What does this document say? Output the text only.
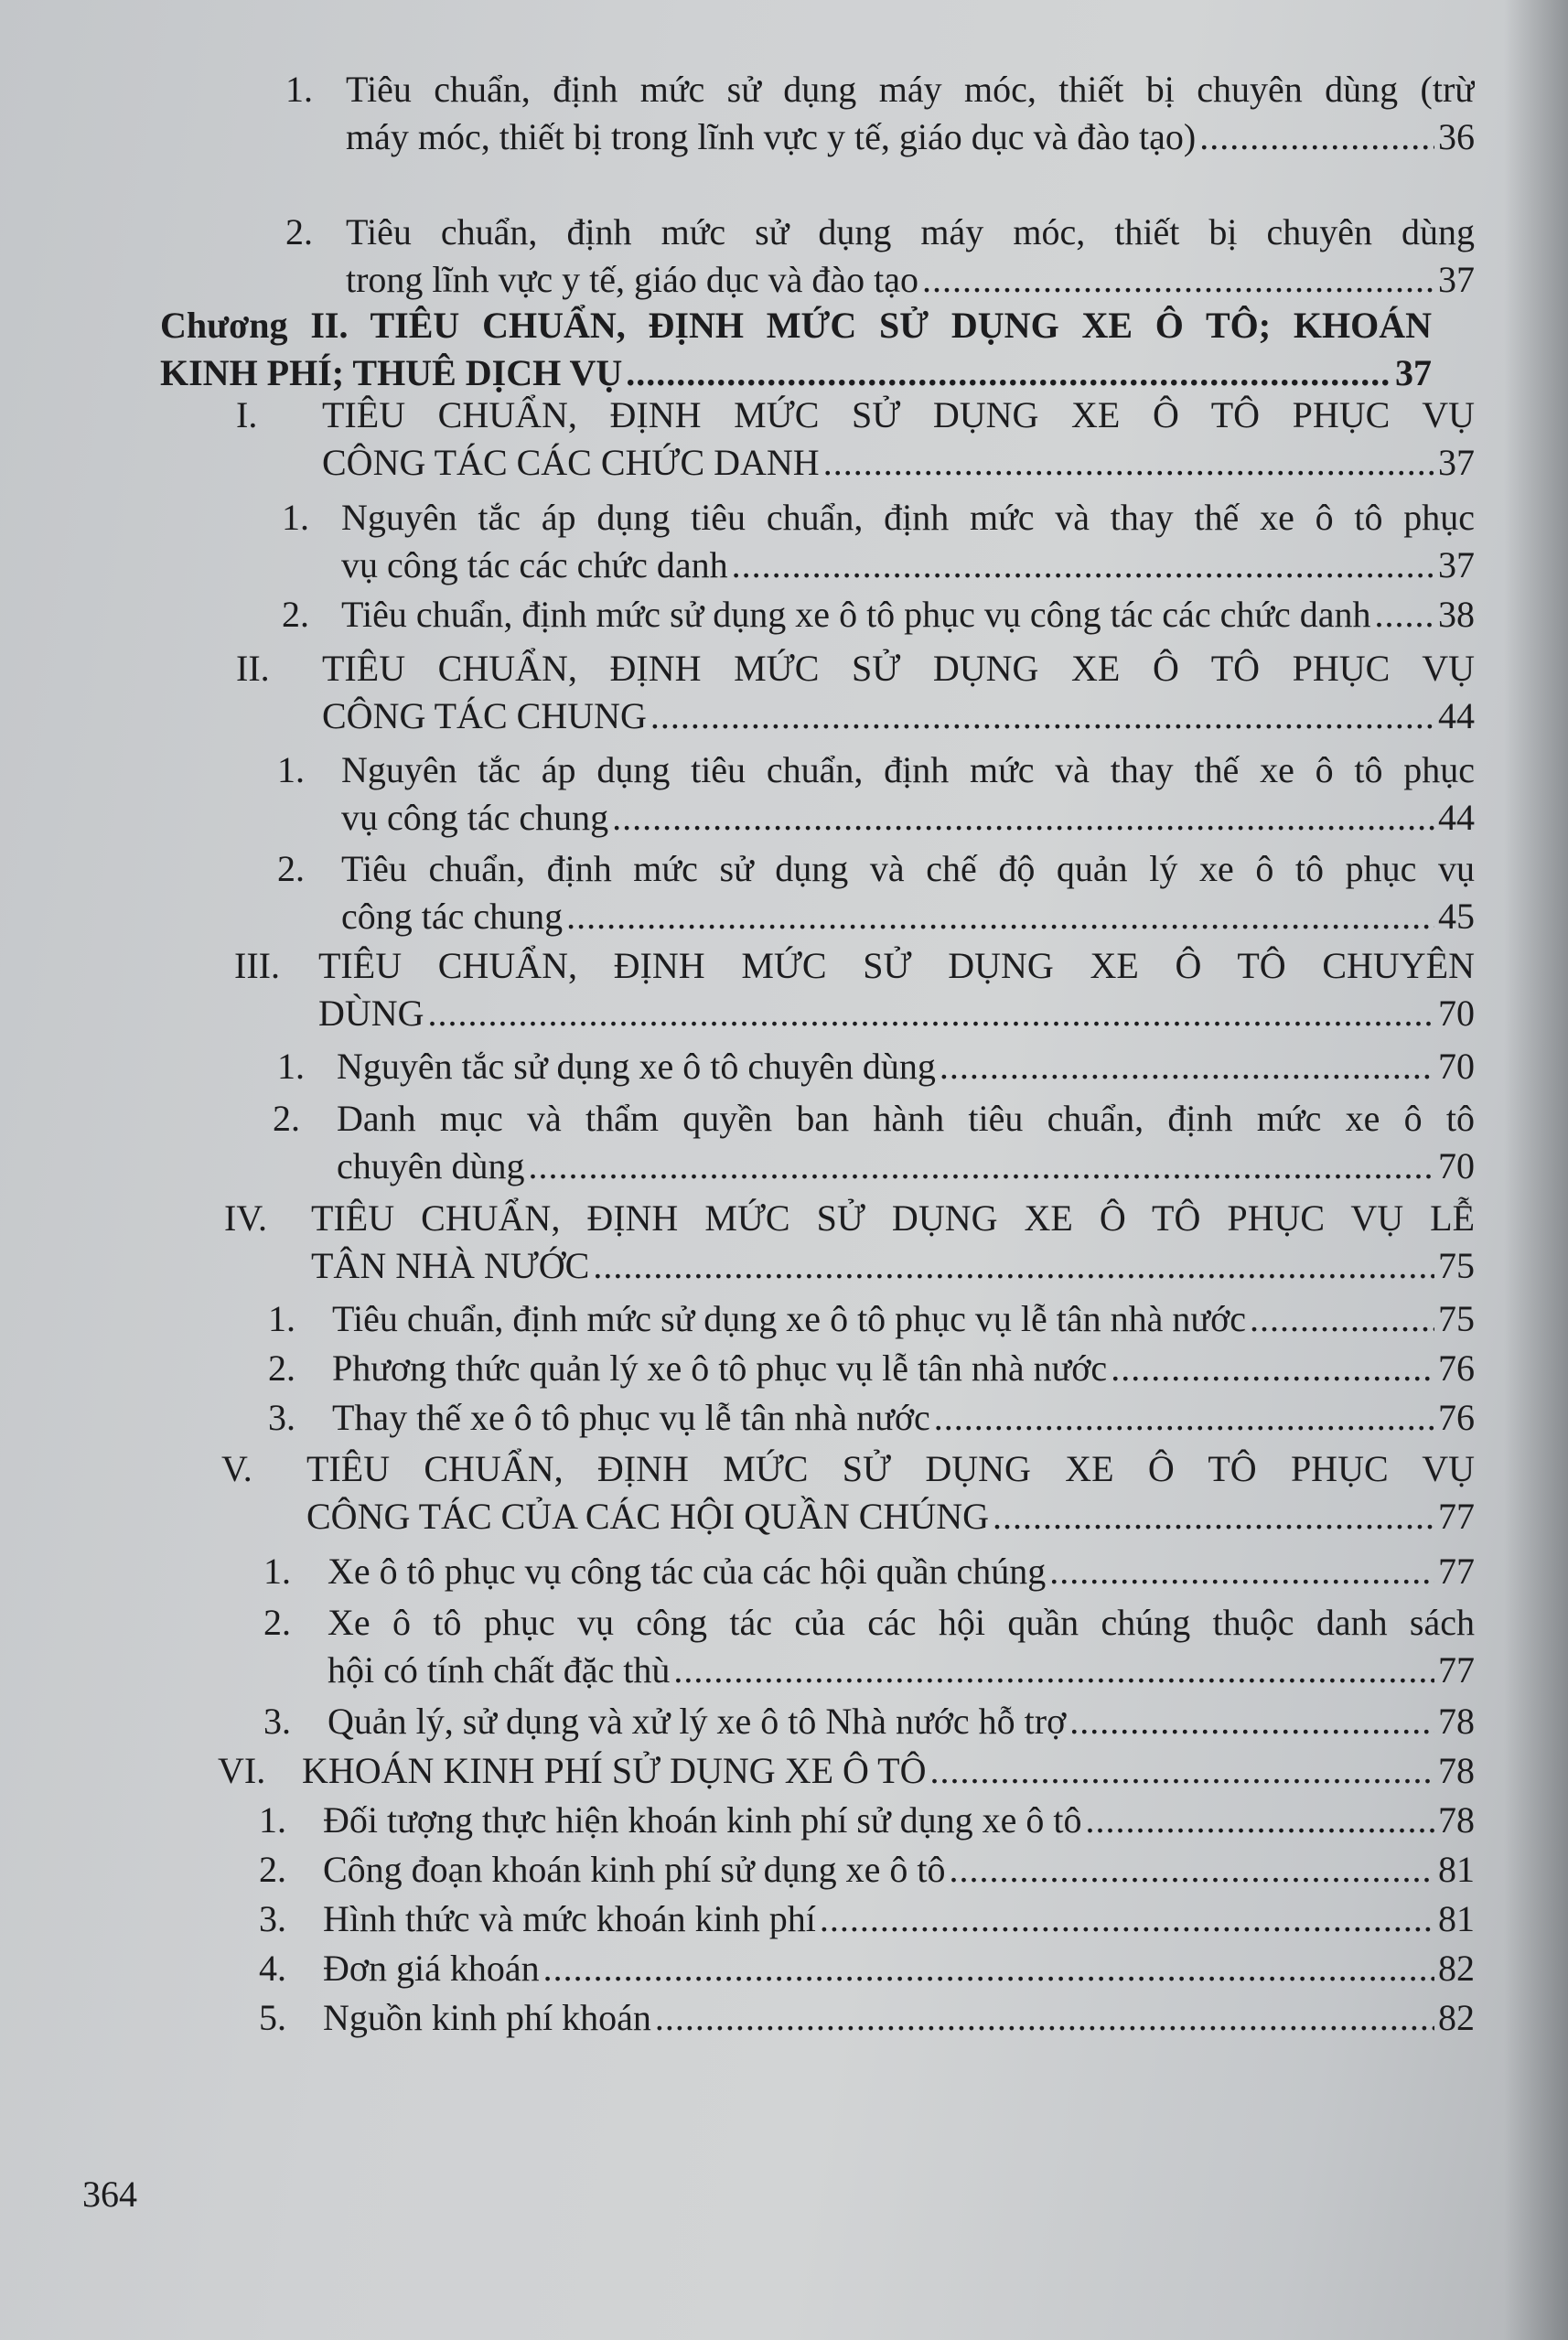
1. Tiêu chuẩn, định mức sử dụng máy móc, thiết bị chuyên dùng (trừ
máy móc, thiết bị trong lĩnh vực y tế, giáo dục và đào tạo) .....	36
2. Tiêu chuẩn, định mức sử dụng máy móc, thiết bị chuyên dùng
trong lĩnh vực y tế, giáo dục và đào tạo .....	37
Chương II. TIÊU CHUẨN, ĐỊNH MỨC SỬ DỤNG XE Ô TÔ; KHOÁN
KINH PHÍ; THUÊ DỊCH VỤ .....	37
I. TIÊU CHUẨN, ĐỊNH MỨC SỬ DỤNG XE Ô TÔ PHỤC VỤ
CÔNG TÁC CÁC CHỨC DANH .....	37
1. Nguyên tắc áp dụng tiêu chuẩn, định mức và thay thế xe ô tô phục
vụ công tác các chức danh .....	37
2. Tiêu chuẩn, định mức sử dụng xe ô tô phục vụ công tác các chức danh ..... 38
II. TIÊU CHUẨN, ĐỊNH MỨC SỬ DỤNG XE Ô TÔ PHỤC VỤ
CÔNG TÁC CHUNG .....	44
1. Nguyên tắc áp dụng tiêu chuẩn, định mức và thay thế xe ô tô phục
vụ công tác chung .....	44
2. Tiêu chuẩn, định mức sử dụng và chế độ quản lý xe ô tô phục vụ
công tác chung .....	45
III. TIÊU CHUẨN, ĐỊNH MỨC SỬ DỤNG XE Ô TÔ CHUYÊN
DÙNG .....	70
1. Nguyên tắc sử dụng xe ô tô chuyên dùng .....	70
2. Danh mục và thẩm quyền ban hành tiêu chuẩn, định mức xe ô tô
chuyên dùng .....	70
IV. TIÊU CHUẨN, ĐỊNH MỨC SỬ DỤNG XE Ô TÔ PHỤC VỤ LỄ
TÂN NHÀ NƯỚC .....	75
1. Tiêu chuẩn, định mức sử dụng xe ô tô phục vụ lễ tân nhà nước .....	75
2. Phương thức quản lý xe ô tô phục vụ lễ tân nhà nước .....	76
3. Thay thế xe ô tô phục vụ lễ tân nhà nước .....	76
V. TIÊU CHUẨN, ĐỊNH MỨC SỬ DỤNG XE Ô TÔ PHỤC VỤ
CÔNG TÁC CỦA CÁC HỘI QUẦN CHÚNG .....	77
1. Xe ô tô phục vụ công tác của các hội quần chúng .....	77
2. Xe ô tô phục vụ công tác của các hội quần chúng thuộc danh sách
hội có tính chất đặc thù .....	77
3. Quản lý, sử dụng và xử lý xe ô tô Nhà nước hỗ trợ .....	78
VI. KHOÁN KINH PHÍ SỬ DỤNG XE Ô TÔ .....	78
1. Đối tượng thực hiện khoán kinh phí sử dụng xe ô tô .....	78
2. Công đoạn khoán kinh phí sử dụng xe ô tô .....	81
3. Hình thức và mức khoán kinh phí .....	81
4. Đơn giá khoán .....	82
5. Nguồn kinh phí khoán .....	82
364
